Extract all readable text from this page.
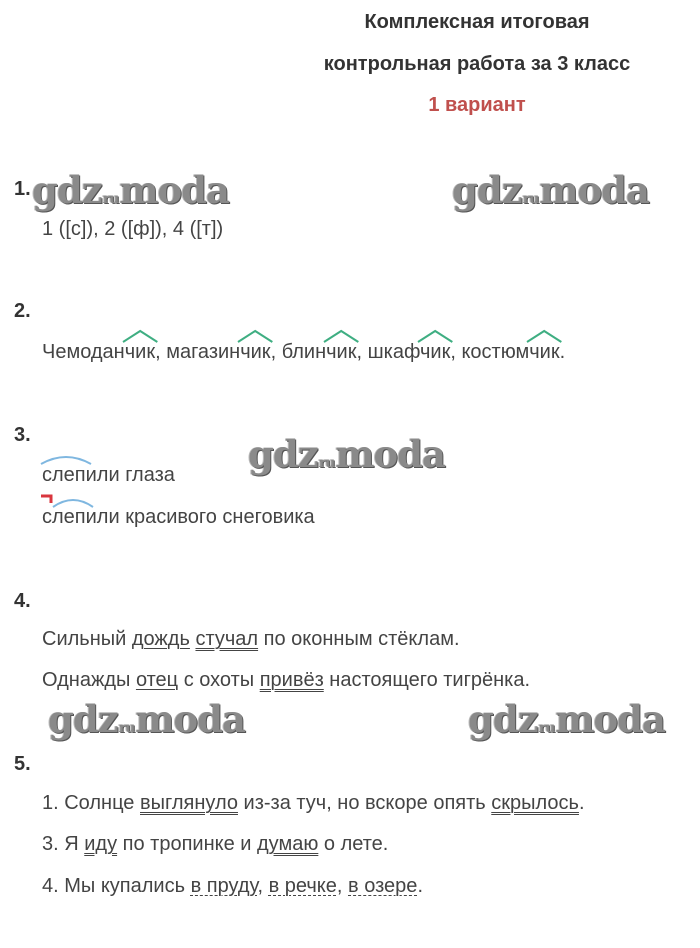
Комплексная итоговая
контрольная работа за 3 класс
1 вариант
gdzrumoda	gdzrumoda
gdzrumoda
gdzrumoda	gdzrumoda
1.
1 ([с]), 2 ([ф]), 4 ([т])
2.
Чемоданчик, магазинчик, блинчик, шкафчик, костюмчик.
3.
слепили глаза
слепили красивого снеговика
4.
Сильный дождь стучал по оконным стёклам.
Однажды отец с охоты привёз настоящего тигрёнка.
5.
1. Солнце выглянуло из-за туч, но вскоре опять скрылось.
3. Я иду по тропинке и думаю о лете.
4. Мы купались в пруду, в речке, в озере.
